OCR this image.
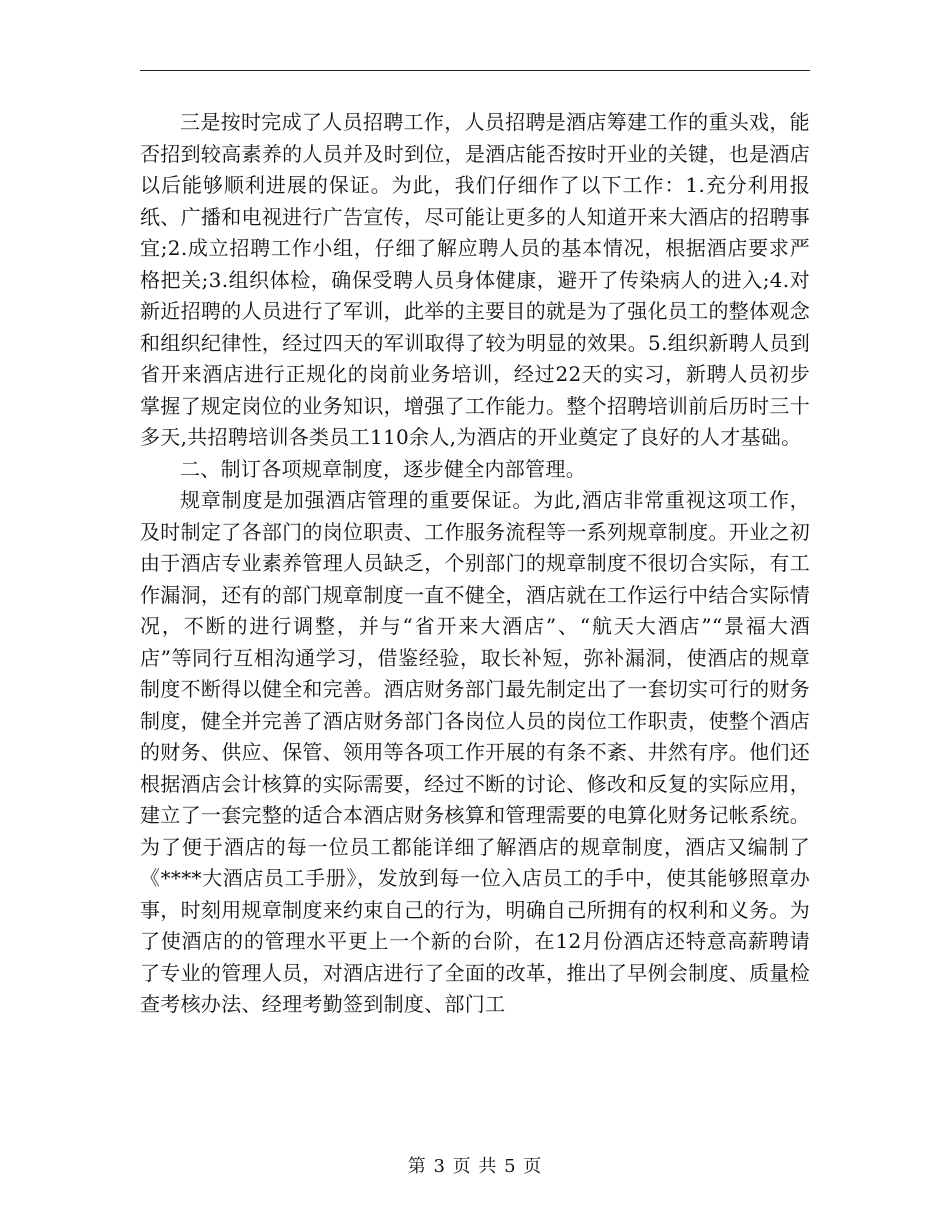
三是按时完成了人员招聘工作，人员招聘是酒店筹建工作的重头戏，能否招到较高素养的人员并及时到位，是酒店能否按时开业的关键，也是酒店以后能够顺利进展的保证。为此，我们仔细作了以下工作：1.充分利用报纸、广播和电视进行广告宣传，尽可能让更多的人知道开来大酒店的招聘事宜;2.成立招聘工作小组，仔细了解应聘人员的基本情况，根据酒店要求严格把关;3.组织体检，确保受聘人员身体健康，避开了传染病人的进入;4.对新近招聘的人员进行了军训，此举的主要目的就是为了强化员工的整体观念和组织纪律性，经过四天的军训取得了较为明显的效果。5.组织新聘人员到省开来酒店进行正规化的岗前业务培训，经过22天的实习，新聘人员初步掌握了规定岗位的业务知识，增强了工作能力。整个招聘培训前后历时三十多天,共招聘培训各类员工110余人,为酒店的开业奠定了良好的人才基础。

二、制订各项规章制度，逐步健全内部管理。

规章制度是加强酒店管理的重要保证。为此,酒店非常重视这项工作，及时制定了各部门的岗位职责、工作服务流程等一系列规章制度。开业之初由于酒店专业素养管理人员缺乏，个别部门的规章制度不很切合实际，有工作漏洞，还有的部门规章制度一直不健全，酒店就在工作运行中结合实际情况，不断的进行调整，并与“省开来大酒店”、“航天大酒店”“景福大酒店”等同行互相沟通学习，借鉴经验，取长补短，弥补漏洞，使酒店的规章制度不断得以健全和完善。酒店财务部门最先制定出了一套切实可行的财务制度，健全并完善了酒店财务部门各岗位人员的岗位工作职责，使整个酒店的财务、供应、保管、领用等各项工作开展的有条不紊、井然有序。他们还根据酒店会计核算的实际需要，经过不断的讨论、修改和反复的实际应用，建立了一套完整的适合本酒店财务核算和管理需要的电算化财务记帐系统。为了便于酒店的每一位员工都能详细了解酒店的规章制度，酒店又编制了《****大酒店员工手册》，发放到每一位入店员工的手中，使其能够照章办事，时刻用规章制度来约束自己的行为，明确自己所拥有的权利和义务。为了使酒店的的管理水平更上一个新的台阶，在12月份酒店还特意高薪聘请了专业的管理人员，对酒店进行了全面的改革，推出了早例会制度、质量检查考核办法、经理考勤签到制度、部门工

第 3 页 共 5 页
